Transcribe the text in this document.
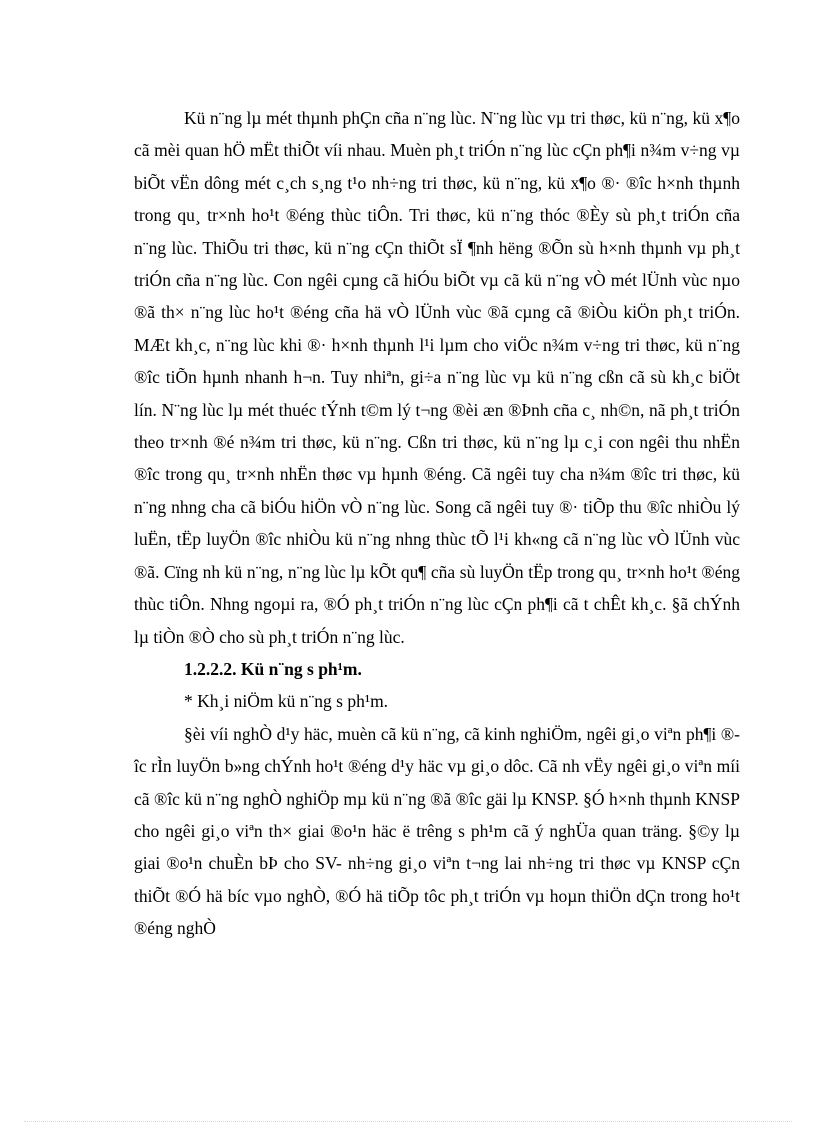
Kü n¨ng lµ mét thµnh phÇn cña n¨ng lùc. N¨ng lùc vµ tri thøc, kü n¨ng, kü x¶o cã mèi quan hÖ mËt thiÕt víi nhau. Muèn ph¸t triÓn n¨ng lùc cÇn ph¶i n¾m v÷ng vµ biÕt vËn dông mét c¸ch s¸ng t¹o nh÷ng tri thøc, kü n¨ng, kü x¶o ®· ®îc h×nh thµnh trong qu¸ tr×nh ho¹t ®éng thùc tiÔn. Tri thøc, kü n¨ng thóc ®Èy sù ph¸t triÓn cña n¨ng lùc. ThiÕu tri thøc, kü n¨ng cÇn thiÕt sÏ ¶nh hëng ®Õn sù h×nh thµnh vµ ph¸t triÓn cña n¨ng lùc. Con ngêi cµng cã hiÓu biÕt vµ cã kü n¨ng vÒ mét lÜnh vùc nµo ®ã th× n¨ng lùc ho¹t ®éng cña hä vÒ lÜnh vùc ®ã cµng cã ®iÒu kiÖn ph¸t triÓn. MÆt kh¸c, n¨ng lùc khi ®· h×nh thµnh l¹i lµm cho viÖc n¾m v÷ng tri thøc, kü n¨ng ®îc tiÕn hµnh nhanh h¬n. Tuy nhiªn, gi÷a n¨ng lùc vµ kü n¨ng cßn cã sù kh¸c biÖt lín. N¨ng lùc lµ mét thuéc tÝnh t©m lý t¬ng ®èi æn ®Þnh cña c¸ nh©n, nã ph¸t triÓn theo tr×nh ®é n¾m tri thøc, kü n¨ng. Cßn tri thøc, kü n¨ng lµ c¸i con ngêi thu nhËn ®îc trong qu¸ tr×nh nhËn thøc vµ hµnh ®éng. Cã ngêi tuy cha n¾m ®îc tri thøc, kü n¨ng nhng cha cã biÓu hiÖn vÒ n¨ng lùc. Song cã ngêi tuy ®· tiÕp thu ®îc nhiÒu lý luËn, tËp luyÖn ®îc nhiÒu kü n¨ng nhng thùc tÕ l¹i kh«ng cã n¨ng lùc vÒ lÜnh vùc ®ã. Cïng nh kü n¨ng, n¨ng lùc lµ kÕt qu¶ cña sù luyÖn tËp trong qu¸ tr×nh ho¹t ®éng thùc tiÔn. Nhng ngoµi ra, ®Ó ph¸t triÓn n¨ng lùc cÇn ph¶i cã t chÊt kh¸c. §ã chÝnh lµ tiÒn ®Ò cho sù ph¸t triÓn n¨ng lùc.

1.2.2.2. Kü n¨ng s ph¹m.

* Kh¸i niÖm kü n¨ng s ph¹m.

§èi víi nghÒ d¹y häc, muèn cã kü n¨ng, cã kinh nghiÖm, ngêi gi¸o viªn ph¶i ®îc rÌn luyÖn b»ng chÝnh ho¹t ®éng d¹y häc vµ gi¸o dôc. Cã nh vËy ngêi gi¸o viªn míi cã ®îc kü n¨ng nghÒ nghiÖp mµ kü n¨ng ®ã ®îc gäi lµ KNSP. §Ó h×nh thµnh KNSP cho ngêi gi¸o viªn th× giai ®o¹n häc ë trêng s ph¹m cã ý nghÜa quan träng. §©y lµ giai ®o¹n chuÈn bÞ cho SV- nh÷ng gi¸o viªn t¬ng lai nh÷ng tri thøc vµ KNSP cÇn thiÕt ®Ó hä bíc vµo nghÒ, ®Ó hä tiÕp tôc ph¸t triÓn vµ hoµn thiÖn dÇn trong ho¹t ®éng nghÒ
